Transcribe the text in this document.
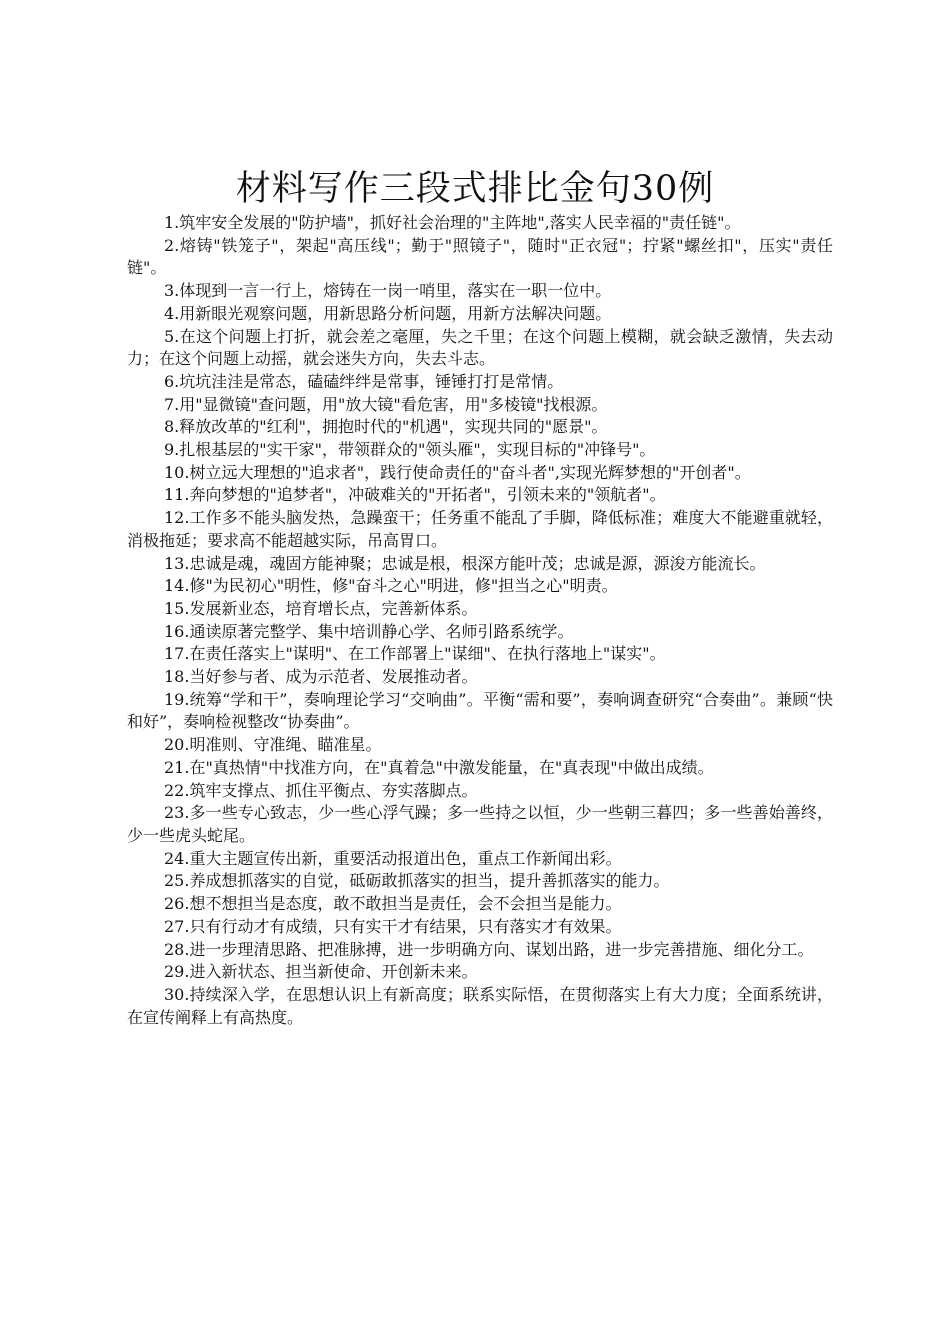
材料写作三段式排比金句30例

1.筑牢安全发展的"防护墙"，抓好社会治理的"主阵地",落实人民幸福的"责任链"。

2.熔铸"铁笼子"，架起"高压线"；勤于"照镜子"，随时"正衣冠"；拧紧"螺丝扣"，压实"责任链"。

3.体现到一言一行上，熔铸在一岗一哨里，落实在一职一位中。

4.用新眼光观察问题，用新思路分析问题，用新方法解决问题。

5.在这个问题上打折，就会差之毫厘，失之千里；在这个问题上模糊，就会缺乏激情，失去动力；在这个问题上动摇，就会迷失方向，失去斗志。

6.坑坑洼洼是常态，磕磕绊绊是常事，锤锤打打是常情。

7.用"显微镜"查问题，用"放大镜"看危害，用"多棱镜"找根源。

8.释放改革的"红利"，拥抱时代的"机遇"，实现共同的"愿景"。

9.扎根基层的"实干家"，带领群众的"领头雁"，实现目标的"冲锋号"。

10.树立远大理想的"追求者"，践行使命责任的"奋斗者",实现光辉梦想的"开创者"。

11.奔向梦想的"追梦者"，冲破难关的"开拓者"，引领未来的"领航者"。

12.工作多不能头脑发热，急躁蛮干；任务重不能乱了手脚，降低标准；难度大不能避重就轻，消极拖延；要求高不能超越实际，吊高胃口。

13.忠诚是魂，魂固方能神聚；忠诚是根，根深方能叶茂；忠诚是源，源浚方能流长。

14.修"为民初心"明性，修"奋斗之心"明进，修"担当之心"明责。

15.发展新业态，培育增长点，完善新体系。

16.通读原著完整学、集中培训静心学、名师引路系统学。

17.在责任落实上"谋明"、在工作部署上"谋细"、在执行落地上"谋实"。

18.当好参与者、成为示范者、发展推动者。

19.统筹“学和干”，奏响理论学习“交响曲”。平衡“需和要”，奏响调查研究“合奏曲”。兼顾“快和好”，奏响检视整改“协奏曲”。

20.明准则、守准绳、瞄准星。

21.在"真热情"中找准方向，在"真着急"中激发能量，在"真表现"中做出成绩。

22.筑牢支撑点、抓住平衡点、夯实落脚点。

23.多一些专心致志，少一些心浮气躁；多一些持之以恒，少一些朝三暮四；多一些善始善终，少一些虎头蛇尾。

24.重大主题宣传出新，重要活动报道出色，重点工作新闻出彩。

25.养成想抓落实的自觉，砥砺敢抓落实的担当，提升善抓落实的能力。

26.想不想担当是态度，敢不敢担当是责任，会不会担当是能力。

27.只有行动才有成绩，只有实干才有结果，只有落实才有效果。

28.进一步理清思路、把准脉搏，进一步明确方向、谋划出路，进一步完善措施、细化分工。

29.进入新状态、担当新使命、开创新未来。

30.持续深入学，在思想认识上有新高度；联系实际悟，在贯彻落实上有大力度；全面系统讲，在宣传阐释上有高热度。
